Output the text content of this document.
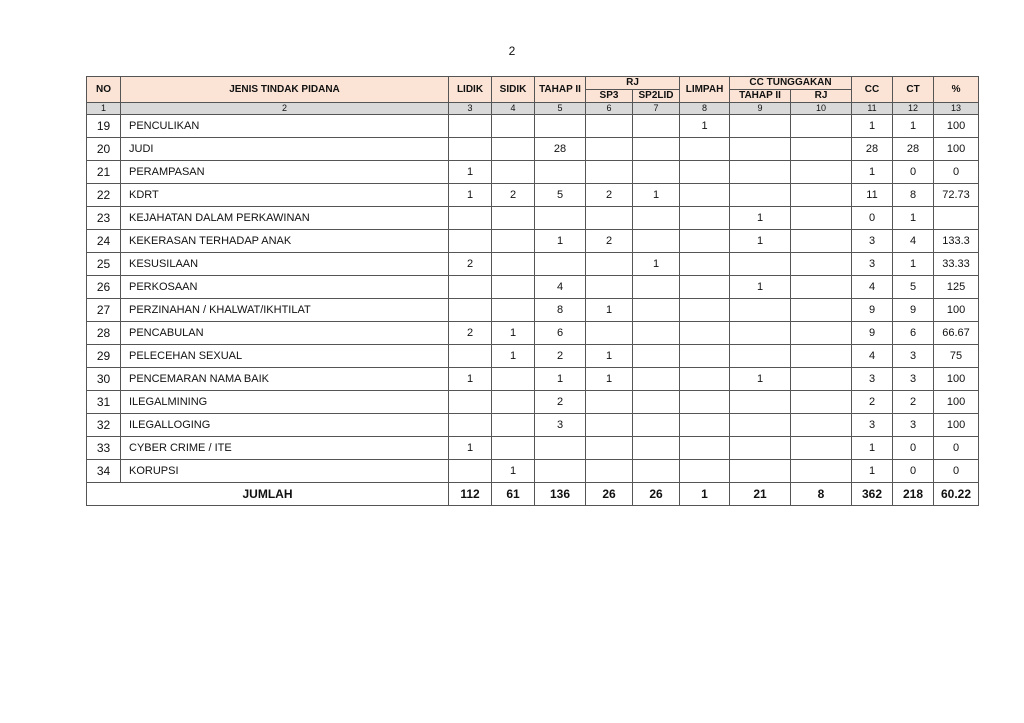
2
NO	JENIS TINDAK PIDANA	LIDIK	SIDIK	TAHAP II	RJ		LIMPAH	CC TUNGGAKAN		CC	CT	%
					SP3	SP2LID		TAHAP II	RJ			
1	2	3	4	5	6	7	8	9	10	11	12	13
19	PENCULIKAN						1			1	1	100
20	JUDI			28						28	28	100
21	PERAMPASAN	1								1	0	0
22	KDRT	1	2	5	2	1				11	8	72.73
23	KEJAHATAN DALAM PERKAWINAN							1		0	1	
24	KEKERASAN TERHADAP ANAK			1	2			1		3	4	133.3
25	KESUSILAAN	2				1				3	1	33.33
26	PERKOSAAN			4				1		4	5	125
27	PERZINAHAN / KHALWAT/IKHTILAT			8	1					9	9	100
28	PENCABULAN	2	1	6						9	6	66.67
29	PELECEHAN SEXUAL		1	2	1					4	3	75
30	PENCEMARAN NAMA BAIK	1		1	1			1		3	3	100
31	ILEGALMINING			2						2	2	100
32	ILEGALLOGING			3						3	3	100
33	CYBER CRIME / ITE	1								1	0	0
34	KORUPSI		1							1	0	0
JUMLAH		112	61	136	26	26	1	21	8	362	218	60.22
